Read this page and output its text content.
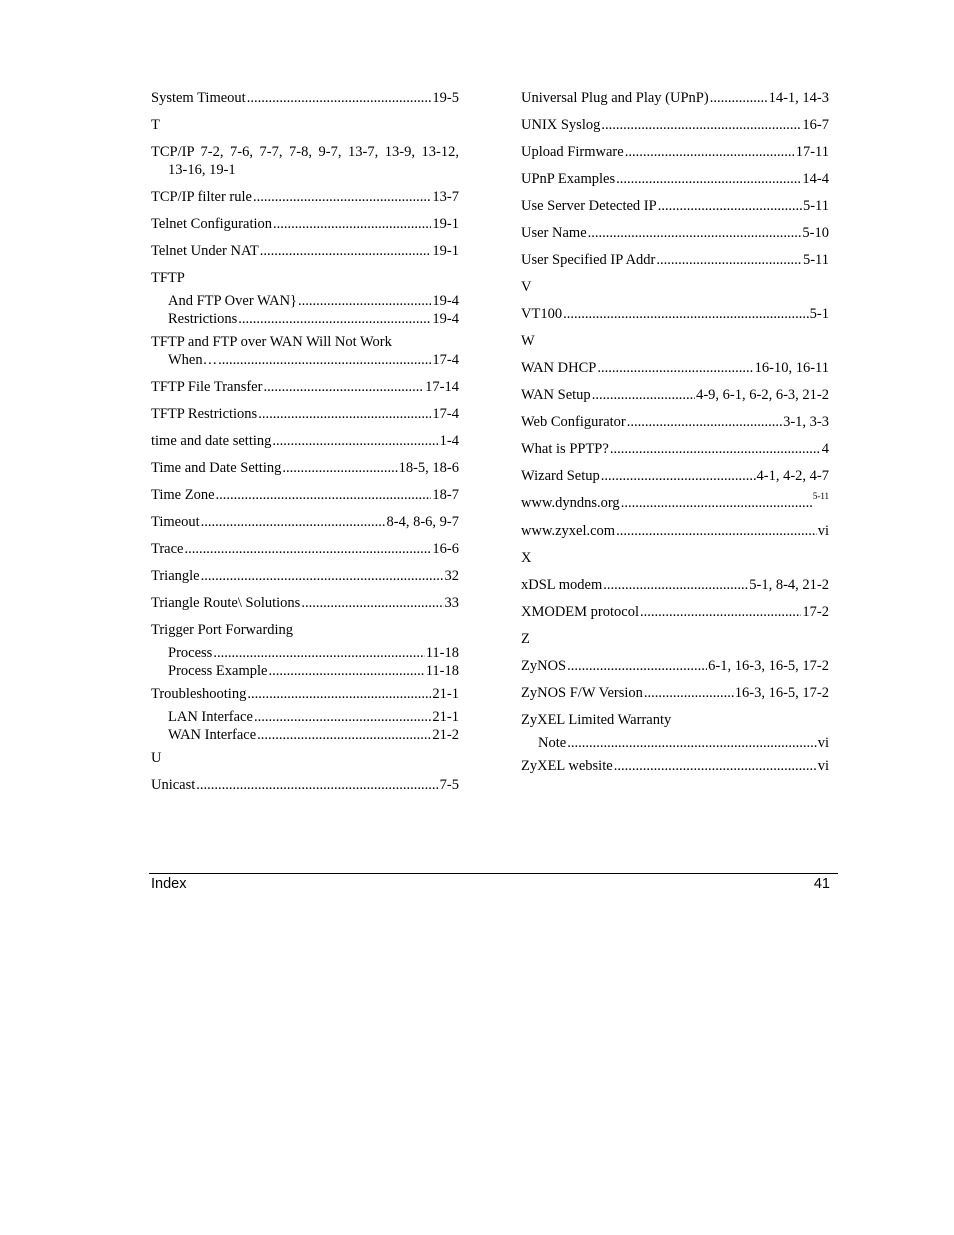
System Timeout .....	19-5
T
TCP/IP 7-2, 7-6, 7-7, 7-8, 9-7, 13-7, 13-9, 13-12,
13-16, 19-1
TCP/IP filter rule .....	13-7
Telnet Configuration .....	19-1
Telnet Under NAT .....	19-1
TFTP
And FTP Over WAN} .....	19-4
Restrictions .....	19-4
TFTP and FTP over WAN Will Not Work
When… .....	17-4
TFTP File Transfer .....	17-14
TFTP Restrictions .....	17-4
time and date setting .....	1-4
Time and Date Setting .....	18-5, 18-6
Time Zone .....	18-7
Timeout .....	8-4, 8-6, 9-7
Trace .....	16-6
Triangle .....	32
Triangle Route\ Solutions .....	33
Trigger Port Forwarding
Process .....	11-18
Process Example .....	11-18
Troubleshooting .....	21-1
LAN Interface .....	21-1
WAN Interface .....	21-2
U
Unicast .....	7-5
Universal Plug and Play (UPnP) .....	14-1, 14-3
UNIX Syslog .....	16-7
Upload Firmware .....	17-11
UPnP Examples .....	14-4
Use Server Detected IP .....	5-11
User Name .....	5-10
User Specified IP Addr .....	5-11
V
VT100 .....	5-1
W
WAN DHCP .....	16-10, 16-11
WAN Setup .....	4-9, 6-1, 6-2, 6-3, 21-2
Web Configurator .....	3-1, 3-3
What is PPTP? .....	4
Wizard Setup .....	4-1, 4-2, 4-7
www.dyndns.org .....	5-11
www.zyxel.com .....	vi
X
xDSL modem .....	5-1, 8-4, 21-2
XMODEM protocol .....	17-2
Z
ZyNOS .....	6-1, 16-3, 16-5, 17-2
ZyNOS F/W Version .....	16-3, 16-5, 17-2
ZyXEL Limited Warranty
Note .....	vi
ZyXEL website .....	vi
Index	41
